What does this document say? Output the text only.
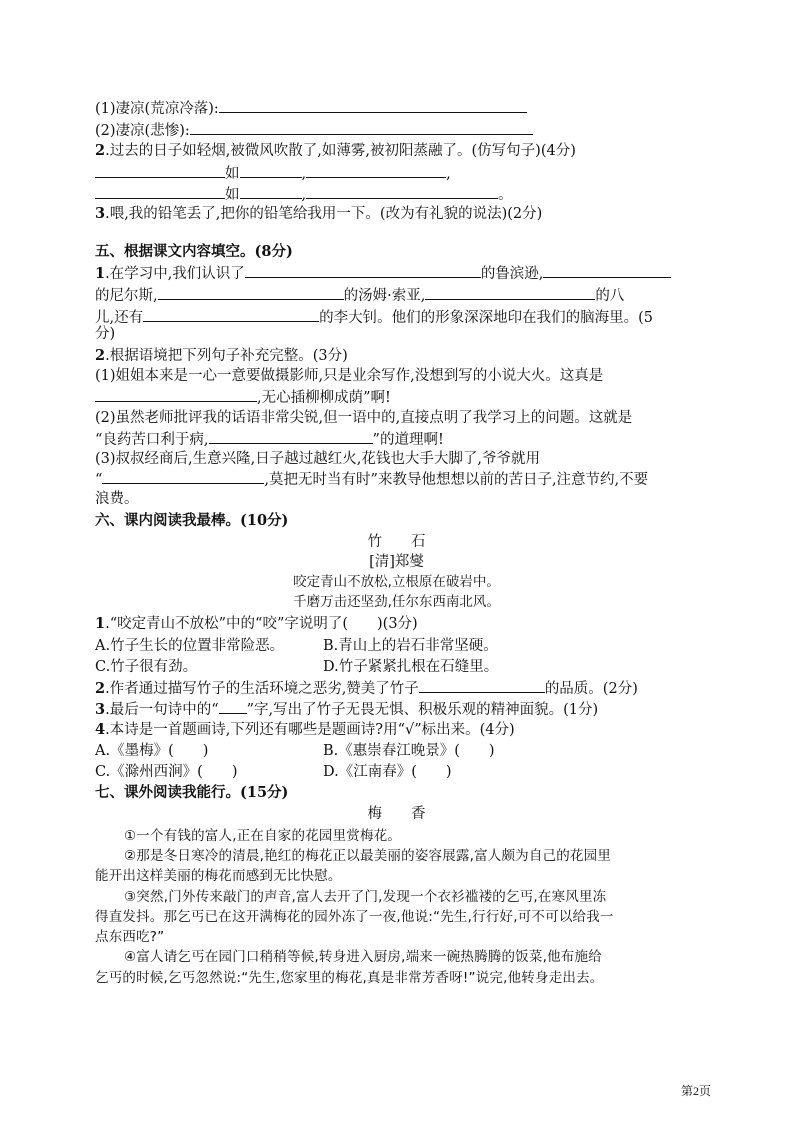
(1)凄凉(荒凉冷落):
(2)凄凉(悲惨):
2.过去的日子如轻烟,被微风吹散了,如薄雾,被初阳蒸融了。(仿写句子)(4分)
如	,	,
如	,	。
3.喂,我的铅笔丢了,把你的铅笔给我用一下。(改为有礼貌的说法)(2分)
五、根据课文内容填空。(8分)
1.在学习中,我们认识了	的鲁滨逊,
的尼尔斯,	的汤姆·索亚,	的八
儿,还有	的李大钊。他们的形象深深地印在我们的脑海里。(5
分)
2.根据语境把下列句子补充完整。(3分)
(1)姐姐本来是一心一意要做摄影师,只是业余写作,没想到写的小说大火。这真是
,无心插柳柳成荫”啊!
(2)虽然老师批评我的话语非常尖锐,但一语中的,直接点明了我学习上的问题。这就是
“良药苦口利于病,	”的道理啊!
(3)叔叔经商后,生意兴隆,日子越过越红火,花钱也大手大脚了,爷爷就用
“	,莫把无时当有时”来教导他想想以前的苦日子,注意节约,不要
浪费。
六、课内阅读我最棒。(10分)
竹　　石
[清]郑燮
咬定青山不放松,立根原在破岩中。
千磨万击还坚劲,任尔东西南北风。
1.“咬定青山不放松”中的“咬”字说明了(　　)(3分)
A.竹子生长的位置非常险恶。	B.青山上的岩石非常坚硬。
C.竹子很有劲。	D.竹子紧紧扎根在石缝里。
2.作者通过描写竹子的生活环境之恶劣,赞美了竹子	的品质。(2分)
3.最后一句诗中的“ ”字,写出了竹子无畏无惧、积极乐观的精神面貌。(1分)
4.本诗是一首题画诗,下列还有哪些是题画诗?用“√”标出来。(4分)
A.《墨梅》(　　)	B.《惠崇春江晚景》(　　)
C.《滁州西涧》(　　)	D.《江南春》(　　)
七、课外阅读我能行。(15分)
梅　　香
①一个有钱的富人,正在自家的花园里赏梅花。
②那是冬日寒冷的清晨,艳红的梅花正以最美丽的姿容展露,富人颇为自己的花园里
能开出这样美丽的梅花而感到无比快慰。
③突然,门外传来敲门的声音,富人去开了门,发现一个衣衫褴褛的乞丐,在寒风里冻
得直发抖。那乞丐已在这开满梅花的园外冻了一夜,他说:“先生,行行好,可不可以给我一
点东西吃?”
④富人请乞丐在园门口稍稍等候,转身进入厨房,端来一碗热腾腾的饭菜,他布施给
乞丐的时候,乞丐忽然说:“先生,您家里的梅花,真是非常芳香呀!”说完,他转身走出去。
第2页
